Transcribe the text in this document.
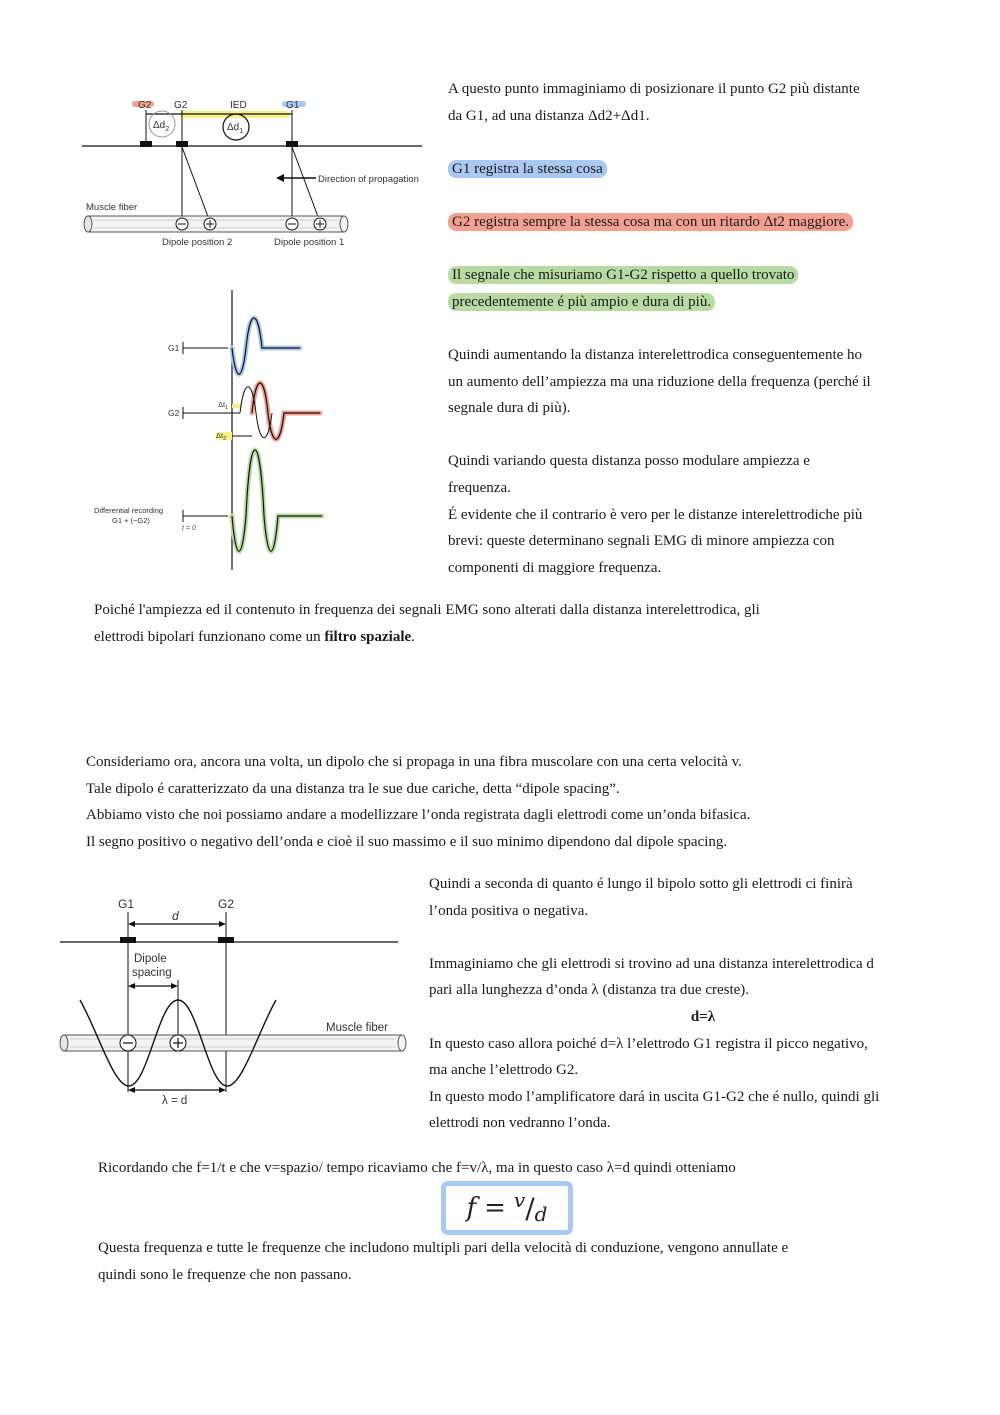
G2 G2	IED	G1
$\Delta d_2$	$\Delta d_1$
Direction of propagation
Muscle fiber
Dipole position 2	Dipole position 1
G1
G2
$\Delta t_1$
$\Delta t_2$
Differential recording
G1 + (−G2)
t = 0

A questo punto immaginiamo di posizionare il punto G2 più distante
da G1, ad una distanza Δd2+Δd1.

G1 registra la stessa cosa

G2 registra sempre la stessa cosa ma con un ritardo Δt2 maggiore.

Il segnale che misuriamo G1-G2 rispetto a quello trovato
precedentemente é più ampio e dura di più.

Quindi aumentando la distanza interelettrodica conseguentemente ho
un aumento dell’ampiezza ma una riduzione della frequenza (perché il
segnale dura di più).

Quindi variando questa distanza posso modulare ampiezza e
frequenza.
É evidente che il contrario è vero per le distanze interelettrodiche più
brevi: queste determinano segnali EMG di minore ampiezza con
componenti di maggiore frequenza.

Poiché l'ampiezza ed il contenuto in frequenza dei segnali EMG sono alterati dalla distanza interelettrodica, gli
elettrodi bipolari funzionano come un filtro spaziale.

Consideriamo ora, ancora una volta, un dipolo che si propaga in una fibra muscolare con una certa velocità v.
Tale dipolo é caratterizzato da una distanza tra le sue due cariche, detta “dipole spacing”.
Abbiamo visto che noi possiamo andare a modellizzare l’onda registrata dagli elettrodi come un’onda bifasica.
Il segno positivo o negativo dell’onda e cioè il suo massimo e il suo minimo dipendono dal dipole spacing.

G1	G2
d
Dipole
spacing
Muscle fiber
λ = d

Quindi a seconda di quanto é lungo il bipolo sotto gli elettrodi ci finirà
l’onda positiva o negativa.

Immaginiamo che gli elettrodi si trovino ad una distanza interelettrodica d
pari alla lunghezza d’onda λ (distanza tra due creste).
d=λ

In questo caso allora poiché d=λ l’elettrodo G1 registra il picco negativo,
ma anche l’elettrodo G2.
In questo modo l’amplificatore dará in uscita G1-G2 che é nullo, quindi gli
elettrodi non vedranno l’onda.

Ricordando che f=1/t e che v=spazio/ tempo ricaviamo che f=v/λ, ma in questo caso λ=d quindi otteniamo

f = v / d

Questa frequenza e tutte le frequenze che includono multipli pari della velocità di conduzione, vengono annullate e
quindi sono le frequenze che non passano.
